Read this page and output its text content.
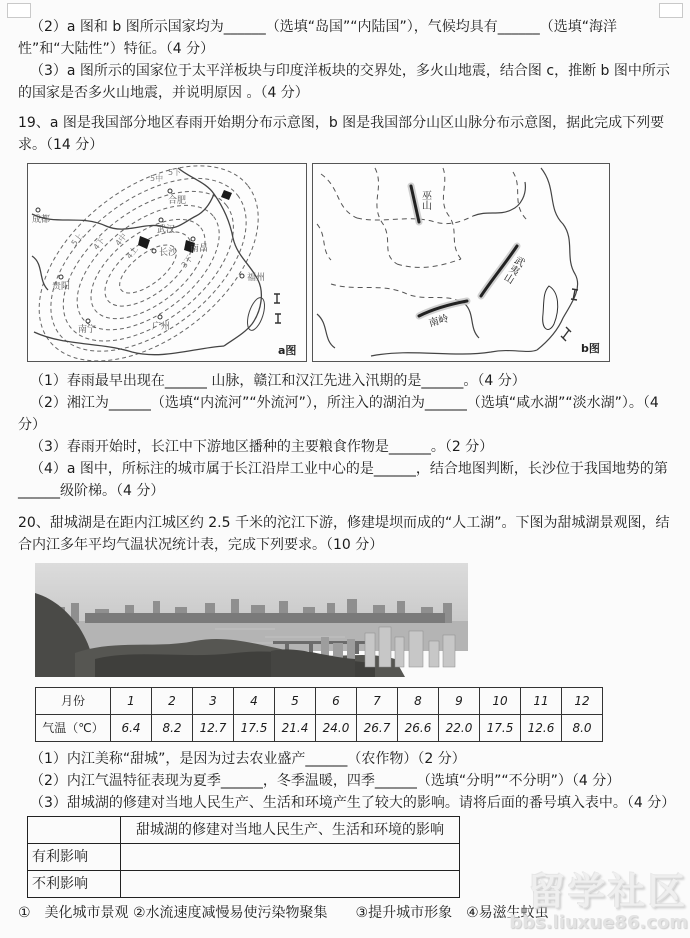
（2）a 图和 b 图所示国家均为______（选填“岛国”“内陆国”），气候均具有______（选填“海洋性”和“大陆性”）特征。（4 分）

（3）a 图所示的国家位于太平洋板块与印度洋板块的交界处，多火山地震，结合图 c，推断 b 图中所示的国家是否多火山地震，并说明原因 。（4 分）

19、a 图是我国部分地区春雨开始期分布示意图，b 图是我国部分山区山脉分布示意图，据此完成下列要求。（14 分）

成都
合肥
武汉
南昌
长沙
贵阳
福州
南宁	广州
5下
5中
5上 4下 4中
4上
3下
a图
巫山
武夷山
南岭
b图

（1）春雨最早出现在______ 山脉，赣江和汉江先进入汛期的是______。（4 分）

（2）湘江为______（选填“内流河”“外流河”），所注入的湖泊为______（选填“咸水湖”“淡水湖”）。（4 分）

（3）春雨开始时，长江中下游地区播种的主要粮食作物是______。（2 分）

（4）a 图中，所标注的城市属于长江沿岸工业中心的是______，结合地图判断，长沙位于我国地势的第______级阶梯。（4 分）

20、甜城湖是在距内江城区约 2.5 千米的沱江下游，修建堤坝而成的“人工湖”。下图为甜城湖景观图，结合内江多年平均气温状况统计表，完成下列要求。（10 分）

月份	1	2	3	4	5	6	7	8	9	10	11	12
气温（℃）	6.4	8.2	12.7	17.5	21.4	24.0	26.7	26.6	22.0	17.5	12.6	8.0

（1）内江美称“甜城”，是因为过去农业盛产______（农作物）（2 分）

（2）内江气温特征表现为夏季______，冬季温暖，四季______（选填“分明”“不分明”）（4 分）

（3）甜城湖的修建对当地人民生产、生活和环境产生了较大的影响。请将后面的番号填入表中。（4 分）

	甜城湖的修建对当地人民生产、生活和环境的影响
有利影响	
不利影响	

①　美化城市景观 ②水流速度减慢易使污染物聚集　　③提升城市形象　④易滋生蚊虫

留学社区
bbs.liuxue86.com
